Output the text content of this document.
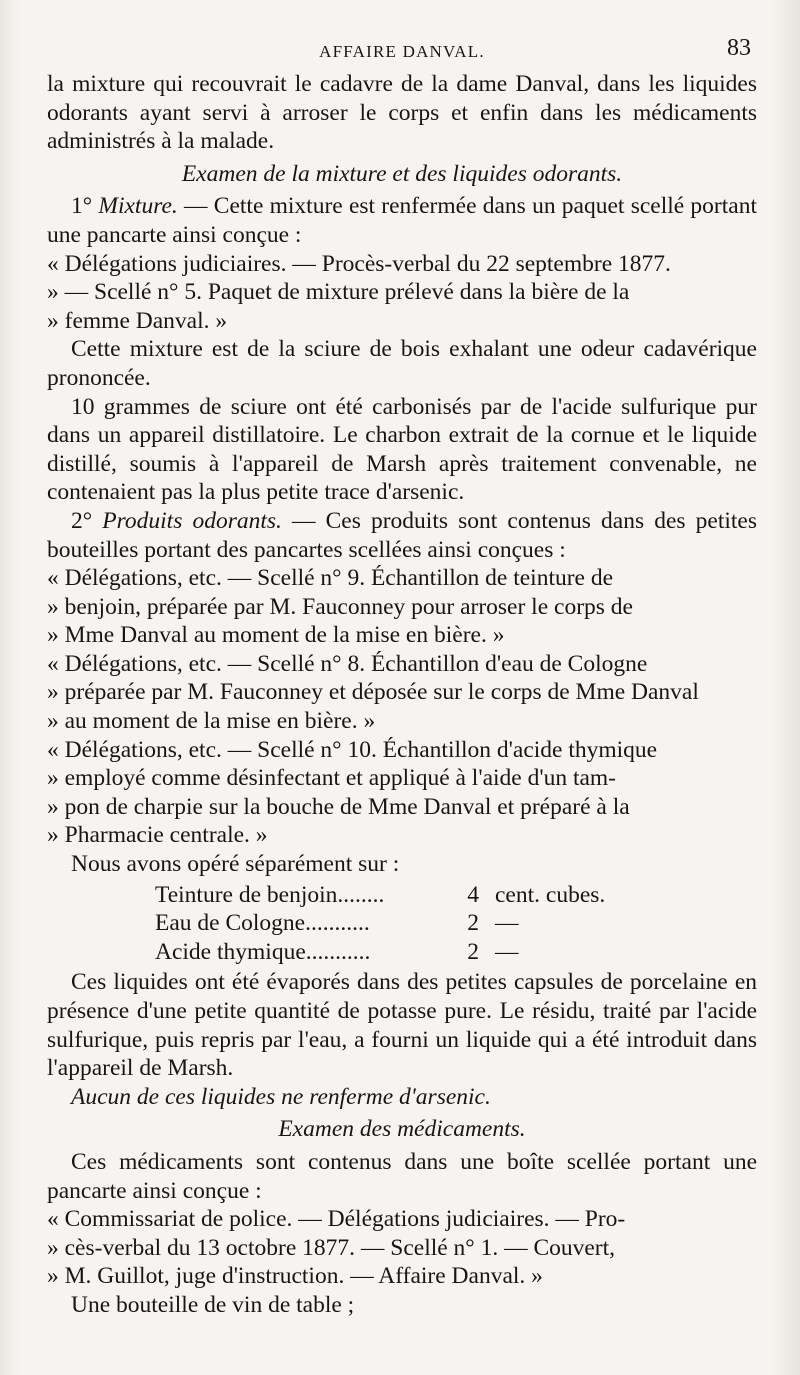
AFFAIRE DANVAL.	83

la mixture qui recouvrait le cadavre de la dame Danval, dans les liquides odorants ayant servi à arroser le corps et enfin dans les médicaments administrés à la malade.

Examen de la mixture et des liquides odorants.

1° Mixture. — Cette mixture est renfermée dans un paquet scellé portant une pancarte ainsi conçue :

« Délégations judiciaires. — Procès-verbal du 22 septembre 1877.

» — Scellé n° 5. Paquet de mixture prélevé dans la bière de la

» femme Danval. »

Cette mixture est de la sciure de bois exhalant une odeur cadavérique prononcée.

10 grammes de sciure ont été carbonisés par de l'acide sulfurique pur dans un appareil distillatoire. Le charbon extrait de la cornue et le liquide distillé, soumis à l'appareil de Marsh après traitement convenable, ne contenaient pas la plus petite trace d'arsenic.

2° Produits odorants. — Ces produits sont contenus dans des petites bouteilles portant des pancartes scellées ainsi conçues :

« Délégations, etc. — Scellé n° 9. Échantillon de teinture de

» benjoin, préparée par M. Fauconney pour arroser le corps de

» Mme Danval au moment de la mise en bière. »

« Délégations, etc. — Scellé n° 8. Échantillon d'eau de Cologne

» préparée par M. Fauconney et déposée sur le corps de Mme Danval

» au moment de la mise en bière. »

« Délégations, etc. — Scellé n° 10. Échantillon d'acide thymique

» employé comme désinfectant et appliqué à l'aide d'un tam-

» pon de charpie sur la bouche de Mme Danval et préparé à la

» Pharmacie centrale. »

Nous avons opéré séparément sur :

Teinture de benjoin........	4 cent. cubes.
Eau de Cologne...........	2 —
Acide thymique...........	2 —

Ces liquides ont été évaporés dans des petites capsules de porcelaine en présence d'une petite quantité de potasse pure. Le résidu, traité par l'acide sulfurique, puis repris par l'eau, a fourni un liquide qui a été introduit dans l'appareil de Marsh.

Aucun de ces liquides ne renferme d'arsenic.

Examen des médicaments.

Ces médicaments sont contenus dans une boîte scellée portant une pancarte ainsi conçue :

« Commissariat de police. — Délégations judiciaires. — Pro-

» cès-verbal du 13 octobre 1877. — Scellé n° 1. — Couvert,

» M. Guillot, juge d'instruction. — Affaire Danval. »

Une bouteille de vin de table ;
